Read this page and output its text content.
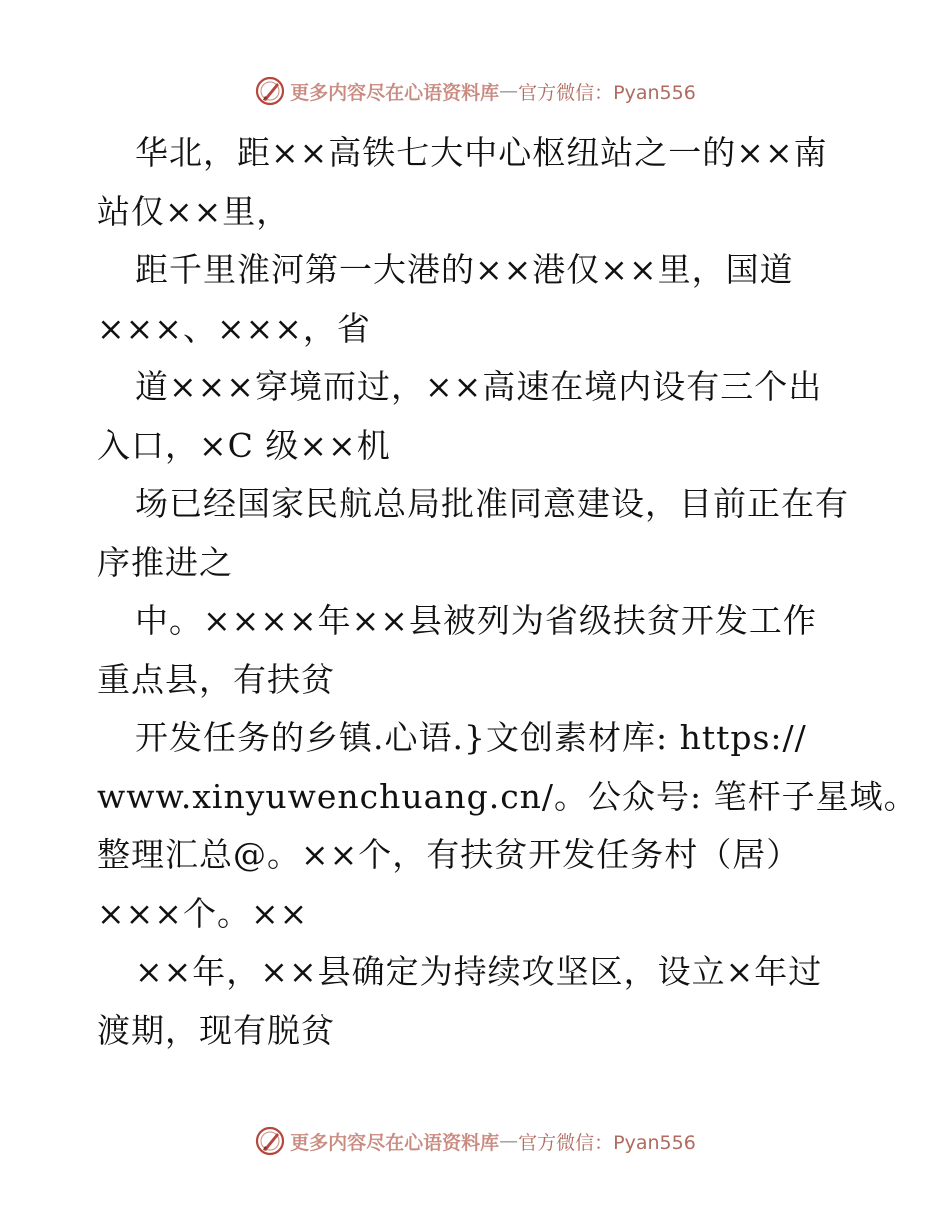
更多内容尽在心语资料库 — 官方微信：Pyan556
华北，距××高铁七大中心枢纽站之一的××南
站仅××里，
距千里淮河第一大港的××港仅××里，国道
×××、×××，省
道×××穿境而过，××高速在境内设有三个出
入口，×C 级××机
场已经国家民航总局批准同意建设，目前正在有
序推进之
中。××××年××县被列为省级扶贫开发工作
重点县，有扶贫
开发任务的乡镇.心语.}文创素材库: https://
www.xinyuwenchuang.cn/。公众号: 笔杆子星域。
整理汇总@。××个，有扶贫开发任务村（居）
×××个。××
××年，××县确定为持续攻坚区，设立×年过
渡期，现有脱贫
更多内容尽在心语资料库 — 官方微信：Pyan556
